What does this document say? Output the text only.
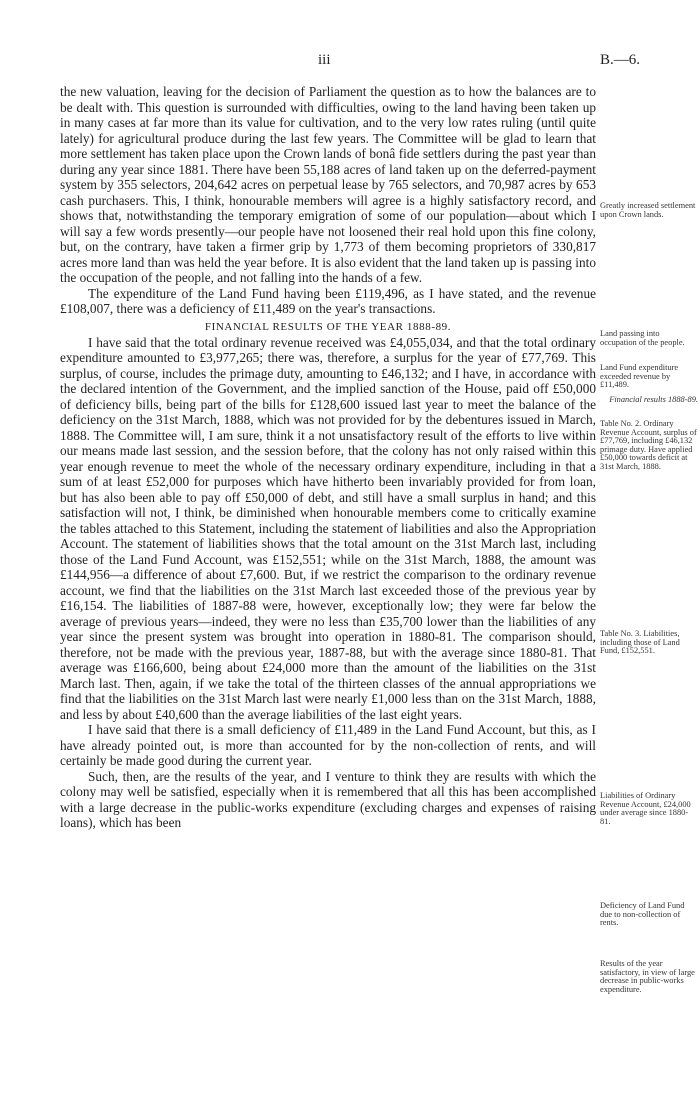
iii	B.—6.

the new valuation, leaving for the decision of Parliament the question as to how the balances are to be dealt with. This question is surrounded with difficulties, owing to the land having been taken up in many cases at far more than its value for cultivation, and to the very low rates ruling (until quite lately) for agricultural produce during the last few years. The Committee will be glad to learn that more settlement has taken place upon the Crown lands of bonâ fide settlers during the past year than during any year since 1881. There have been 55,188 acres of land taken up on the deferred-payment system by 355 selectors, 204,642 acres on perpetual lease by 765 selectors, and 70,987 acres by 653 cash purchasers. This, I think, honourable members will agree is a highly satisfactory record, and shows that, notwithstanding the temporary emigration of some of our population—about which I will say a few words presently—our people have not loosened their real hold upon this fine colony, but, on the contrary, have taken a firmer grip by 1,773 of them becoming proprietors of 330,817 acres more land than was held the year before. It is also evident that the land taken up is passing into the occupation of the people, and not falling into the hands of a few.

The expenditure of the Land Fund having been £119,496, as I have stated, and the revenue £108,007, there was a deficiency of £11,489 on the year's transactions.

FINANCIAL RESULTS OF THE YEAR 1888-89.

I have said that the total ordinary revenue received was £4,055,034, and that the total ordinary expenditure amounted to £3,977,265; there was, therefore, a surplus for the year of £77,769. This surplus, of course, includes the primage duty, amounting to £46,132; and I have, in accordance with the declared intention of the Government, and the implied sanction of the House, paid off £50,000 of deficiency bills, being part of the bills for £128,600 issued last year to meet the balance of the deficiency on the 31st March, 1888, which was not provided for by the debentures issued in March, 1888. The Committee will, I am sure, think it a not unsatisfactory result of the efforts to live within our means made last session, and the session before, that the colony has not only raised within this year enough revenue to meet the whole of the necessary ordinary expenditure, including in that a sum of at least £52,000 for purposes which have hitherto been invariably provided for from loan, but has also been able to pay off £50,000 of debt, and still have a small surplus in hand; and this satisfaction will not, I think, be diminished when honourable members come to critically examine the tables attached to this Statement, including the statement of liabilities and also the Appropriation Account. The statement of liabilities shows that the total amount on the 31st March last, including those of the Land Fund Account, was £152,551; while on the 31st March, 1888, the amount was £144,956—a difference of about £7,600. But, if we restrict the comparison to the ordinary revenue account, we find that the liabilities on the 31st March last exceeded those of the previous year by £16,154. The liabilities of 1887-88 were, however, exceptionally low; they were far below the average of previous years—indeed, they were no less than £35,700 lower than the liabilities of any year since the present system was brought into operation in 1880-81. The comparison should, therefore, not be made with the previous year, 1887-88, but with the average since 1880-81. That average was £166,600, being about £24,000 more than the amount of the liabilities on the 31st March last. Then, again, if we take the total of the thirteen classes of the annual appropriations we find that the liabilities on the 31st March last were nearly £1,000 less than on the 31st March, 1888, and less by about £40,600 than the average liabilities of the last eight years.

I have said that there is a small deficiency of £11,489 in the Land Fund Account, but this, as I have already pointed out, is more than accounted for by the non-collection of rents, and will certainly be made good during the current year.

Such, then, are the results of the year, and I venture to think they are results with which the colony may well be satisfied, especially when it is remembered that all this has been accomplished with a large decrease in the public-works expenditure (excluding charges and expenses of raising loans), which has been

Greatly increased settlement upon Crown lands.
Land passing into occupation of the people.
Land Fund expenditure exceeded revenue by £11,489.
Financial results 1888-89.
Table No. 2. Ordinary Revenue Account, surplus of £77,769, including £46,132 primage duty. Have applied £50,000 towards deficit at 31st March, 1888.
Table No. 3. Liabilities, including those of Land Fund, £152,551.
Liabilities of Ordinary Revenue Account, £24,000 under average since 1880-81.
Deficiency of Land Fund due to non-collection of rents.
Results of the year satisfactory, in view of large decrease in public-works expenditure.
